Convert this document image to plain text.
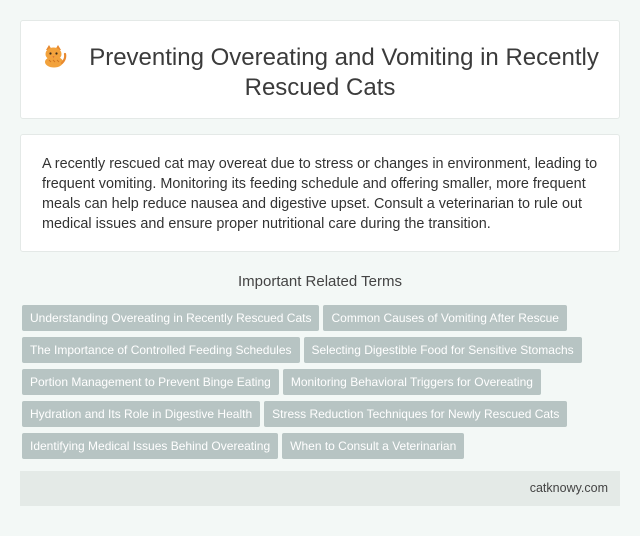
Preventing Overeating and Vomiting in Recently Rescued Cats
A recently rescued cat may overeat due to stress or changes in environment, leading to frequent vomiting. Monitoring its feeding schedule and offering smaller, more frequent meals can help reduce nausea and digestive upset. Consult a veterinarian to rule out medical issues and ensure proper nutritional care during the transition.
Important Related Terms
Understanding Overeating in Recently Rescued Cats Common Causes of Vomiting After Rescue
The Importance of Controlled Feeding Schedules Selecting Digestible Food for Sensitive Stomachs
Portion Management to Prevent Binge Eating Monitoring Behavioral Triggers for Overeating
Hydration and Its Role in Digestive Health Stress Reduction Techniques for Newly Rescued Cats
Identifying Medical Issues Behind Overeating When to Consult a Veterinarian
catknowy.com
